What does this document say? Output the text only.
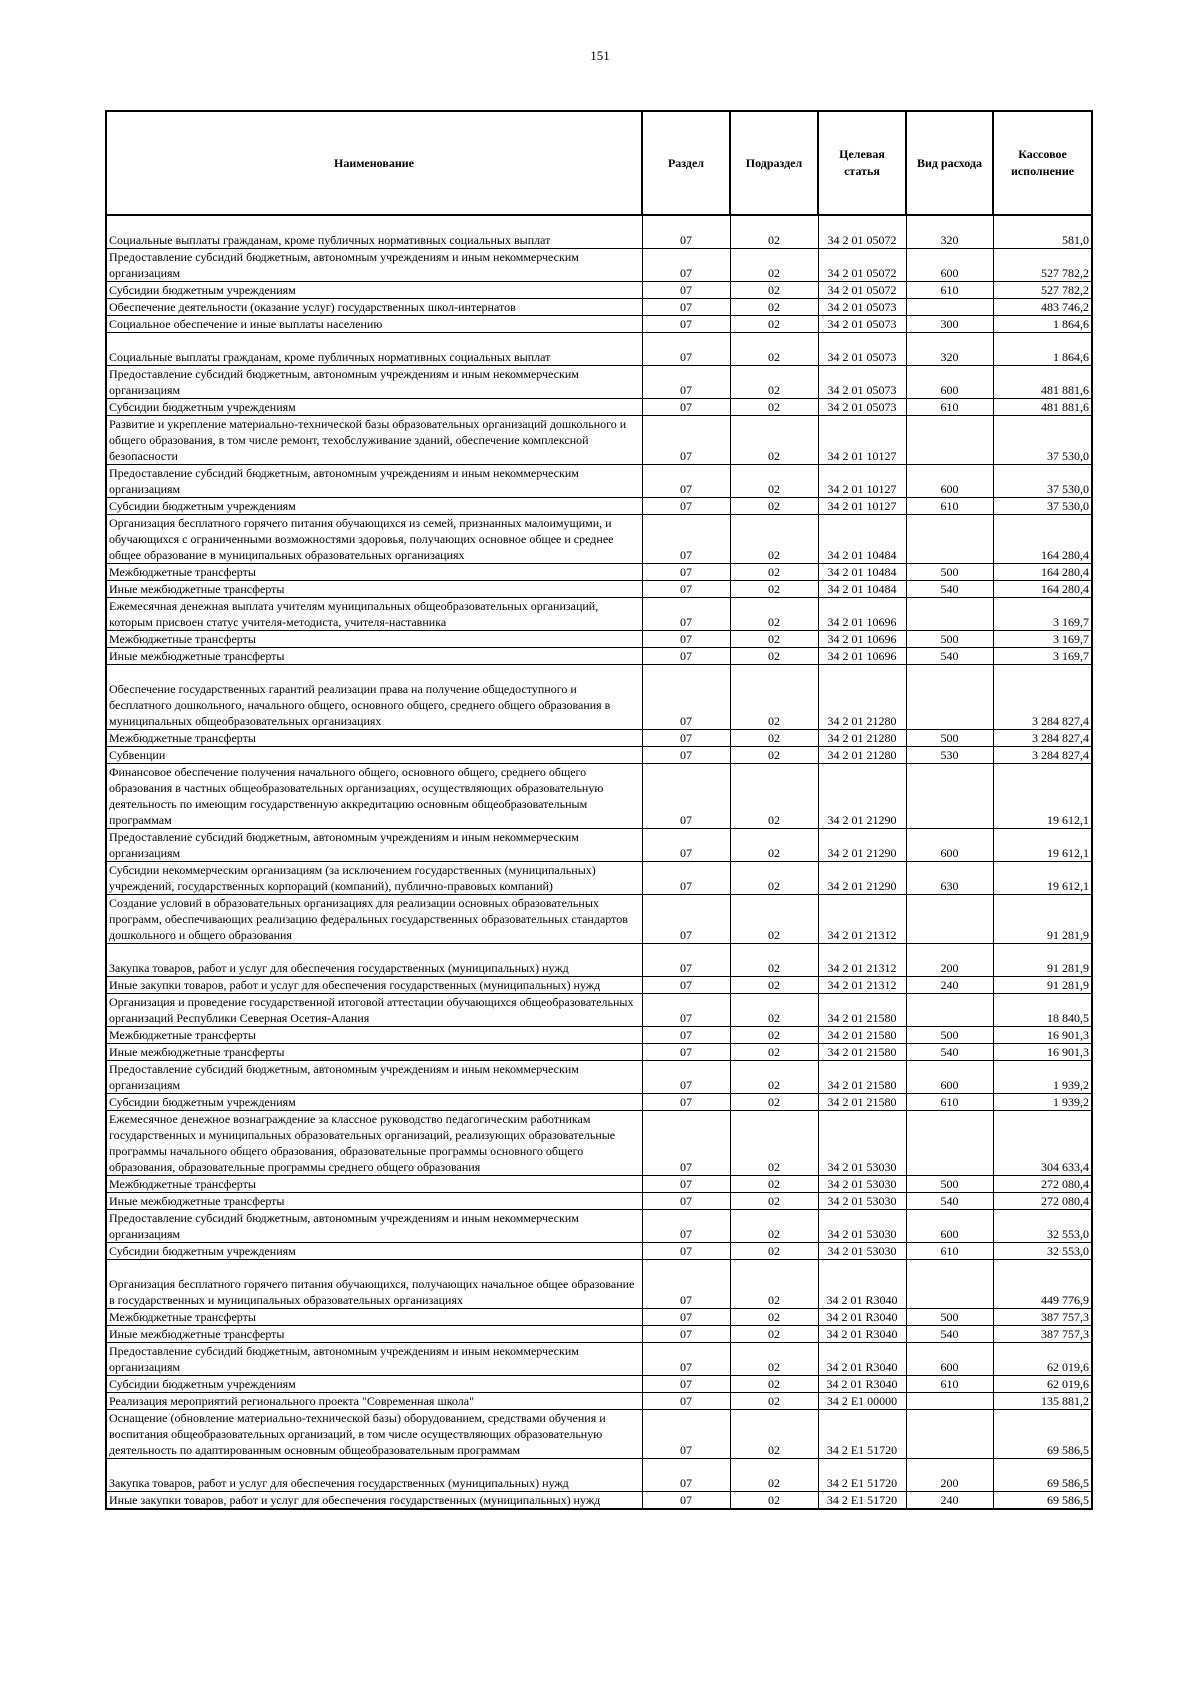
151
Наименование	Раздел	Подраздел	Целевая статья	Вид расхода	Кассовое исполнение
Социальные выплаты гражданам, кроме публичных нормативных социальных выплат	07	02	34 2 01 05072	320	581,0
Предоставление субсидий бюджетным, автономным учреждениям и иным некоммерческим организациям	07	02	34 2 01 05072	600	527 782,2
Субсидии бюджетным учреждениям	07	02	34 2 01 05072	610	527 782,2
Обеспечение деятельности (оказание услуг) государственных школ-интернатов	07	02	34 2 01 05073		483 746,2
Социальное обеспечение и иные выплаты населению	07	02	34 2 01 05073	300	1 864,6
Социальные выплаты гражданам, кроме публичных нормативных социальных выплат	07	02	34 2 01 05073	320	1 864,6
Предоставление субсидий бюджетным, автономным учреждениям и иным некоммерческим организациям	07	02	34 2 01 05073	600	481 881,6
Субсидии бюджетным учреждениям	07	02	34 2 01 05073	610	481 881,6
Развитие и укрепление материально-технической базы образовательных организаций дошкольного и общего образования, в том числе ремонт, техобслуживание зданий, обеспечение комплексной безопасности	07	02	34 2 01 10127		37 530,0
Предоставление субсидий бюджетным, автономным учреждениям и иным некоммерческим организациям	07	02	34 2 01 10127	600	37 530,0
Субсидии бюджетным учреждениям	07	02	34 2 01 10127	610	37 530,0
Организация бесплатного горячего питания обучающихся из семей, признанных малоимущими, и обучающихся с ограниченными возможностями здоровья, получающих основное общее и среднее общее образование в муниципальных образовательных организациях	07	02	34 2 01 10484		164 280,4
Межбюджетные трансферты	07	02	34 2 01 10484	500	164 280,4
Иные межбюджетные трансферты	07	02	34 2 01 10484	540	164 280,4
Ежемесячная денежная выплата учителям муниципальных общеобразовательных организаций, которым присвоен статус учителя-методиста, учителя-наставника	07	02	34 2 01 10696		3 169,7
Межбюджетные трансферты	07	02	34 2 01 10696	500	3 169,7
Иные межбюджетные трансферты	07	02	34 2 01 10696	540	3 169,7
Обеспечение государственных гарантий реализации права на получение общедоступного и бесплатного дошкольного, начального общего, основного общего, среднего общего образования в муниципальных общеобразовательных организациях	07	02	34 2 01 21280		3 284 827,4
Межбюджетные трансферты	07	02	34 2 01 21280	500	3 284 827,4
Субвенции	07	02	34 2 01 21280	530	3 284 827,4
Финансовое обеспечение получения начального общего, основного общего, среднего общего образования в частных общеобразовательных организациях, осуществляющих образовательную деятельность по имеющим государственную аккредитацию основным общеобразовательным программам	07	02	34 2 01 21290		19 612,1
Предоставление субсидий бюджетным, автономным учреждениям и иным некоммерческим организациям	07	02	34 2 01 21290	600	19 612,1
Субсидии некоммерческим организациям (за исключением государственных (муниципальных) учреждений, государственных корпораций (компаний), публично-правовых компаний)	07	02	34 2 01 21290	630	19 612,1
Создание условий в образовательных организациях для реализации основных образовательных программ, обеспечивающих реализацию федеральных государственных образовательных стандартов дошкольного и общего образования	07	02	34 2 01 21312		91 281,9
Закупка товаров, работ и услуг для обеспечения государственных (муниципальных) нужд	07	02	34 2 01 21312	200	91 281,9
Иные закупки товаров, работ и услуг для обеспечения государственных (муниципальных) нужд	07	02	34 2 01 21312	240	91 281,9
Организация и проведение государственной итоговой аттестации обучающихся общеобразовательных организаций Республики Северная Осетия-Алания	07	02	34 2 01 21580		18 840,5
Межбюджетные трансферты	07	02	34 2 01 21580	500	16 901,3
Иные межбюджетные трансферты	07	02	34 2 01 21580	540	16 901,3
Предоставление субсидий бюджетным, автономным учреждениям и иным некоммерческим организациям	07	02	34 2 01 21580	600	1 939,2
Субсидии бюджетным учреждениям	07	02	34 2 01 21580	610	1 939,2
Ежемесячное денежное вознаграждение за классное руководство педагогическим работникам государственных и муниципальных образовательных организаций, реализующих образовательные программы начального общего образования, образовательные программы основного общего образования, образовательные программы среднего общего образования	07	02	34 2 01 53030		304 633,4
Межбюджетные трансферты	07	02	34 2 01 53030	500	272 080,4
Иные межбюджетные трансферты	07	02	34 2 01 53030	540	272 080,4
Предоставление субсидий бюджетным, автономным учреждениям и иным некоммерческим организациям	07	02	34 2 01 53030	600	32 553,0
Субсидии бюджетным учреждениям	07	02	34 2 01 53030	610	32 553,0
Организация бесплатного горячего питания обучающихся, получающих начальное общее образование в государственных и муниципальных образовательных организациях	07	02	34 2 01 R3040		449 776,9
Межбюджетные трансферты	07	02	34 2 01 R3040	500	387 757,3
Иные межбюджетные трансферты	07	02	34 2 01 R3040	540	387 757,3
Предоставление субсидий бюджетным, автономным учреждениям и иным некоммерческим организациям	07	02	34 2 01 R3040	600	62 019,6
Субсидии бюджетным учреждениям	07	02	34 2 01 R3040	610	62 019,6
Реализация мероприятий регионального проекта "Современная школа"	07	02	34 2 E1 00000		135 881,2
Оснащение (обновление материально-технической базы) оборудованием, средствами обучения и воспитания общеобразовательных организаций, в том числе осуществляющих образовательную деятельность по адаптированным основным общеобразовательным программам	07	02	34 2 E1 51720		69 586,5
Закупка товаров, работ и услуг для обеспечения государственных (муниципальных) нужд	07	02	34 2 E1 51720	200	69 586,5
Иные закупки товаров, работ и услуг для обеспечения государственных (муниципальных) нужд	07	02	34 2 E1 51720	240	69 586,5
